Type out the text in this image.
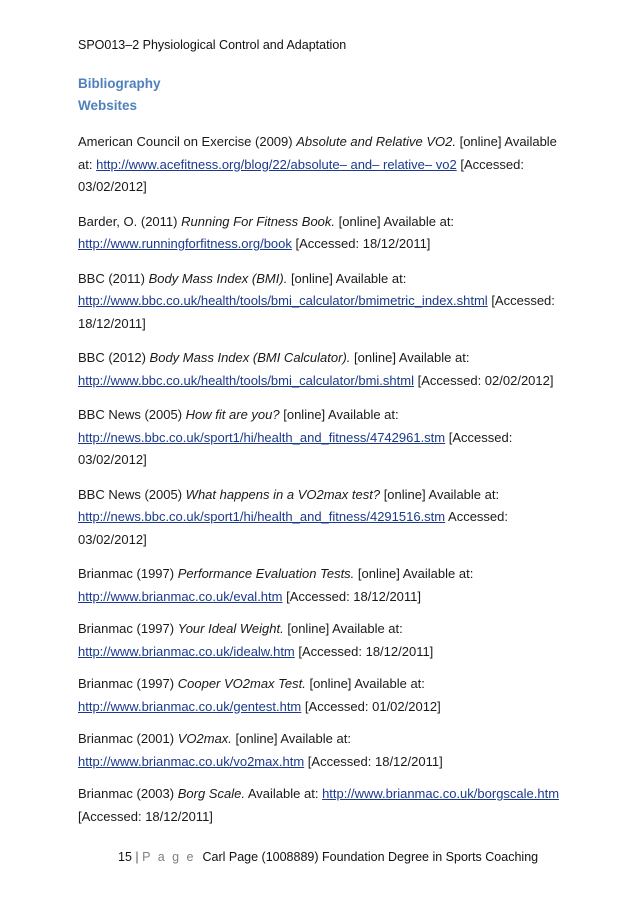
SPO013–2 Physiological Control and Adaptation
Bibliography
Websites
American Council on Exercise (2009) Absolute and Relative VO2. [online] Available at: http://www.acefitness.org/blog/22/absolute– and– relative– vo2 [Accessed: 03/02/2012]
Barder, O. (2011) Running For Fitness Book. [online] Available at:
http://www.runningforfitness.org/book [Accessed: 18/12/2011]
BBC (2011) Body Mass Index (BMI). [online] Available at:
http://www.bbc.co.uk/health/tools/bmi_calculator/bmimetric_index.shtml [Accessed: 18/12/2011]
BBC (2012) Body Mass Index (BMI Calculator). [online] Available at:
http://www.bbc.co.uk/health/tools/bmi_calculator/bmi.shtml [Accessed: 02/02/2012]
BBC News (2005) How fit are you? [online] Available at:
http://news.bbc.co.uk/sport1/hi/health_and_fitness/4742961.stm [Accessed: 03/02/2012]
BBC News (2005) What happens in a VO2max test? [online] Available at:
http://news.bbc.co.uk/sport1/hi/health_and_fitness/4291516.stm Accessed: 03/02/2012]
Brianmac (1997) Performance Evaluation Tests. [online] Available at:
http://www.brianmac.co.uk/eval.htm [Accessed: 18/12/2011]
Brianmac (1997) Your Ideal Weight. [online] Available at:
http://www.brianmac.co.uk/idealw.htm [Accessed: 18/12/2011]
Brianmac (1997) Cooper VO2max Test. [online] Available at:
http://www.brianmac.co.uk/gentest.htm [Accessed: 01/02/2012]
Brianmac (2001) VO2max. [online] Available at:
http://www.brianmac.co.uk/vo2max.htm [Accessed: 18/12/2011]
Brianmac (2003) Borg Scale. Available at: http://www.brianmac.co.uk/borgscale.htm
[Accessed: 18/12/2011]
15 | P a g e Carl Page (1008889) Foundation Degree in Sports Coaching
